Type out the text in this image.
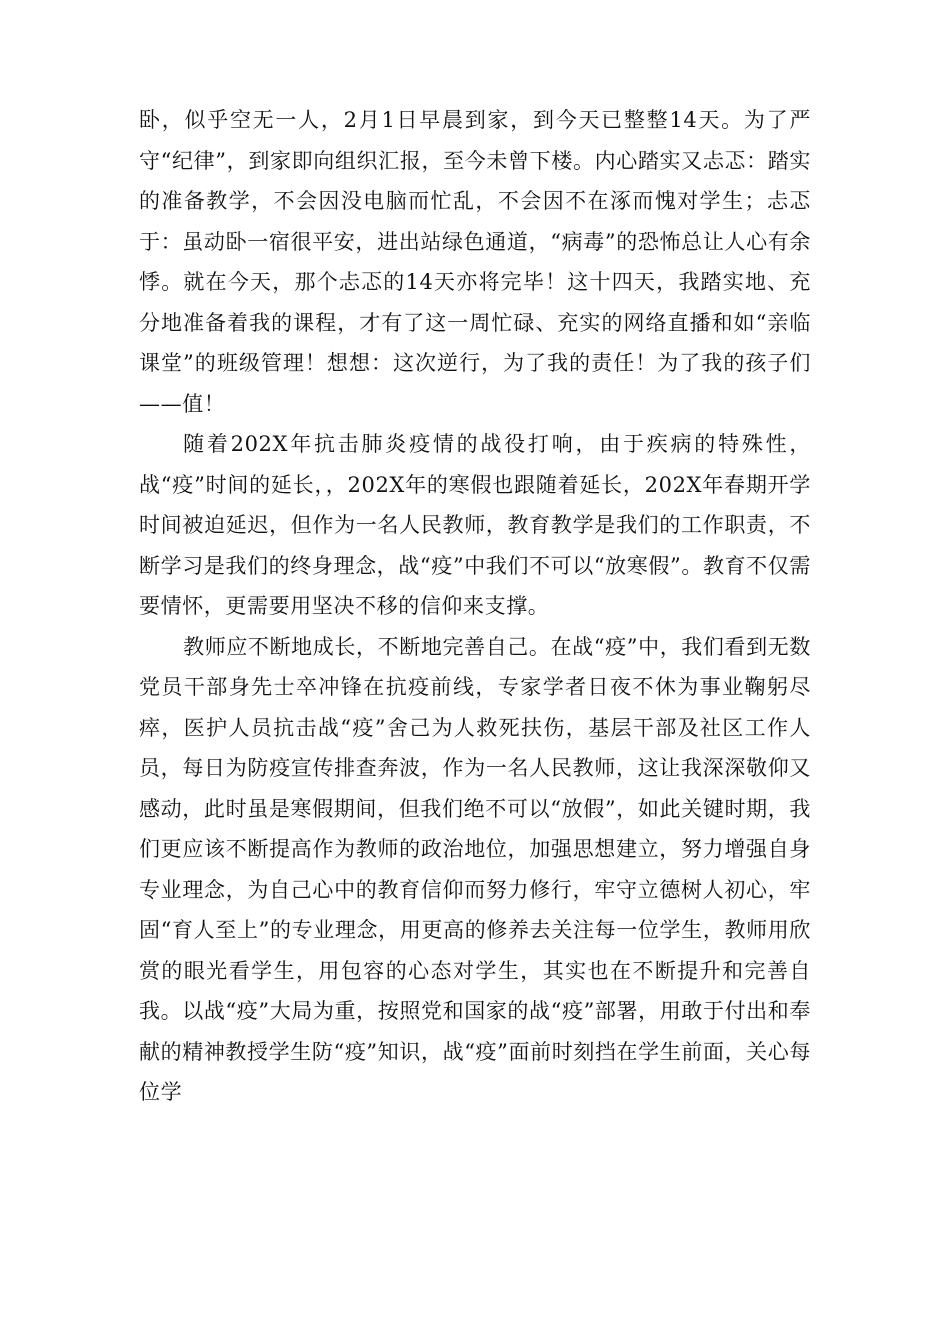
卧，似乎空无一人，2月1日早晨到家，到今天已整整14天。为了严守“纪律”，到家即向组织汇报，至今未曾下楼。内心踏实又忐忑：踏实的准备教学，不会因没电脑而忙乱，不会因不在涿而愧对学生；忐忑于：虽动卧一宿很平安，进出站绿色通道，“病毒”的恐怖总让人心有余悸。就在今天，那个忐忑的14天亦将完毕！这十四天，我踏实地、充分地准备着我的课程，才有了这一周忙碌、充实的网络直播和如“亲临课堂”的班级管理！想想：这次逆行，为了我的责任！为了我的孩子们——值！

随着202X年抗击肺炎疫情的战役打响，由于疾病的特殊性，战“疫”时间的延长，，202X年的寒假也跟随着延长，202X年春期开学时间被迫延迟，但作为一名人民教师，教育教学是我们的工作职责，不断学习是我们的终身理念，战“疫”中我们不可以“放寒假”。教育不仅需要情怀，更需要用坚决不移的信仰来支撑。

教师应不断地成长，不断地完善自己。在战“疫”中，我们看到无数党员干部身先士卒冲锋在抗疫前线，专家学者日夜不休为事业鞠躬尽瘁，医护人员抗击战“疫”舍己为人救死扶伤，基层干部及社区工作人员，每日为防疫宣传排查奔波，作为一名人民教师，这让我深深敬仰又感动，此时虽是寒假期间，但我们绝不可以“放假”，如此关键时期，我们更应该不断提高作为教师的政治地位，加强思想建立，努力增强自身专业理念，为自己心中的教育信仰而努力修行，牢守立德树人初心，牢固“育人至上”的专业理念，用更高的修养去关注每一位学生，教师用欣赏的眼光看学生，用包容的心态对学生，其实也在不断提升和完善自我。以战“疫”大局为重，按照党和国家的战“疫”部署，用敢于付出和奉献的精神教授学生防“疫”知识，战“疫”面前时刻挡在学生前面，关心每位学
